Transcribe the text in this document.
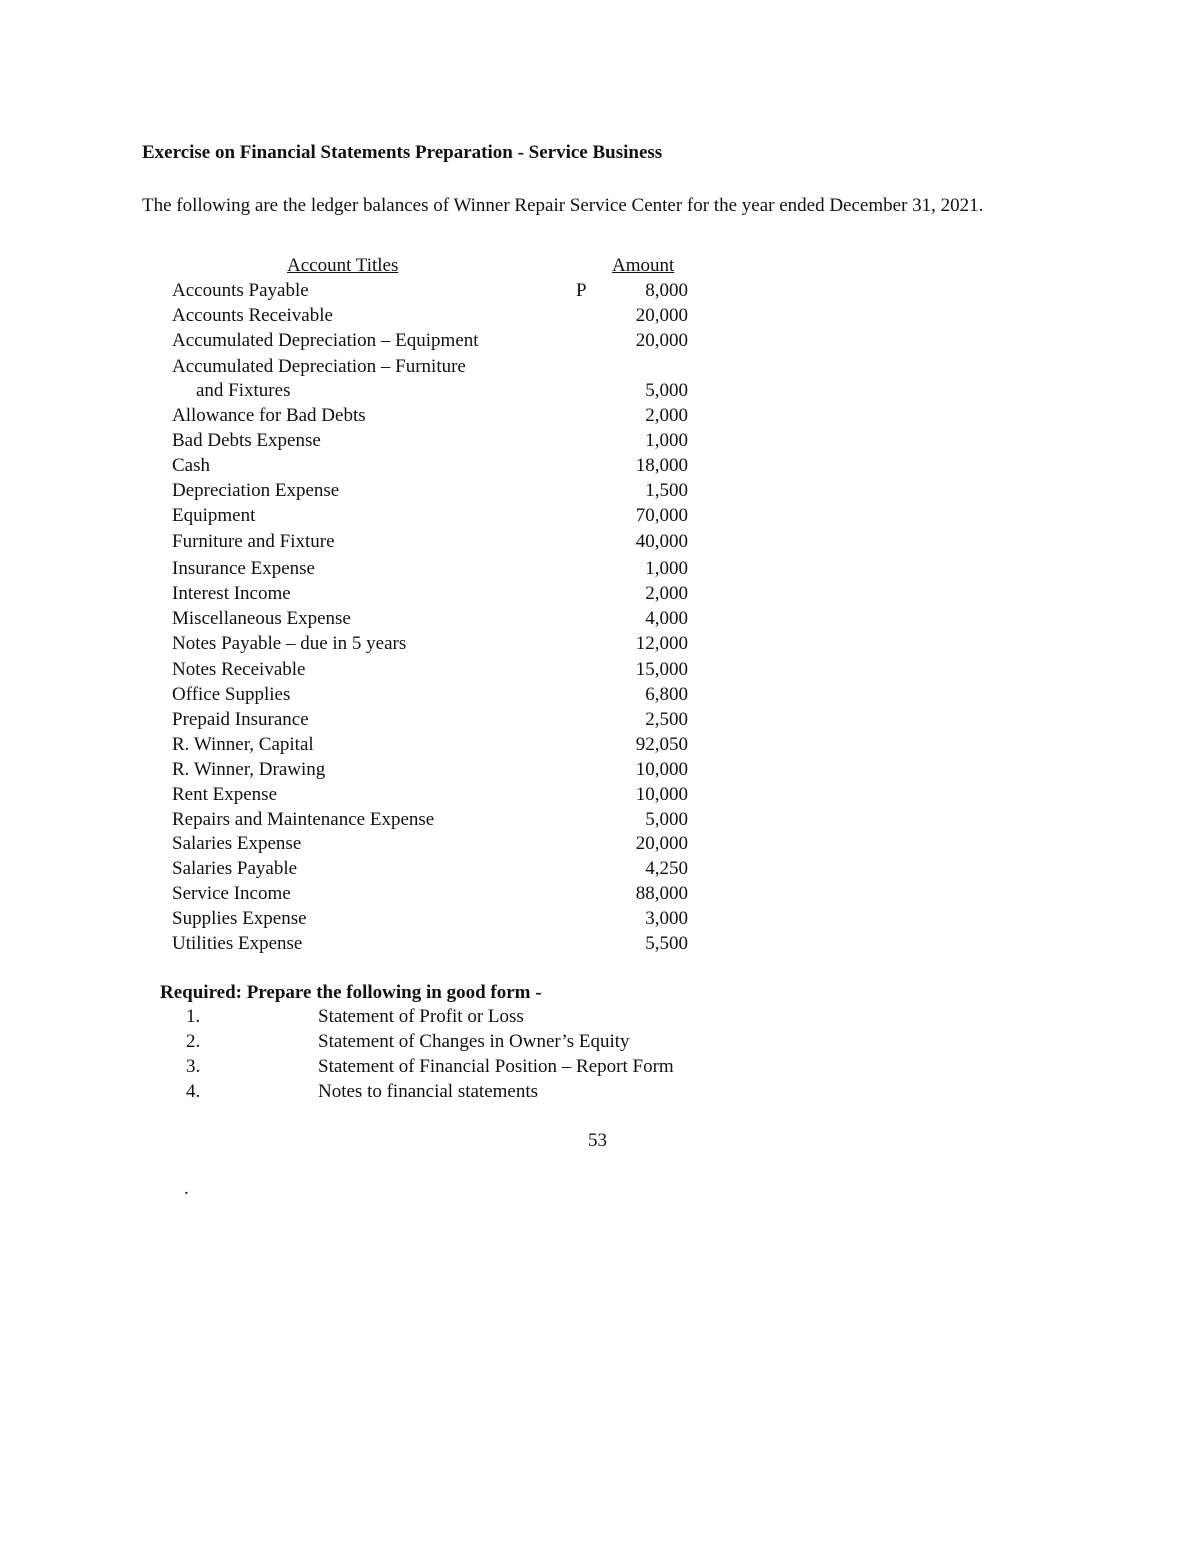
Exercise on Financial Statements Preparation - Service Business
The following are the ledger balances of Winner Repair Service Center for the year ended December 31, 2021.
Account Titles	Amount
Accounts Payable	P	8,000
Accounts Receivable	20,000
Accumulated Depreciation – Equipment	20,000
Accumulated Depreciation – Furniture
and Fixtures	5,000
Allowance for Bad Debts	2,000
Bad Debts Expense	1,000
Cash	18,000
Depreciation Expense	1,500
Equipment	70,000
Furniture and Fixture	40,000
Insurance Expense	1,000
Interest Income	2,000
Miscellaneous Expense	4,000
Notes Payable – due in 5 years	12,000
Notes Receivable	15,000
Office Supplies	6,800
Prepaid Insurance	2,500
R. Winner, Capital	92,050
R. Winner, Drawing	10,000
Rent Expense	10,000
Repairs and Maintenance Expense	5,000
Salaries Expense	20,000
Salaries Payable	4,250
Service Income	88,000
Supplies Expense	3,000
Utilities Expense	5,500
Required: Prepare the following in good form -
1.	Statement of Profit or Loss
2.	Statement of Changes in Owner’s Equity
3.	Statement of Financial Position – Report Form
4.	Notes to financial statements
53
.
